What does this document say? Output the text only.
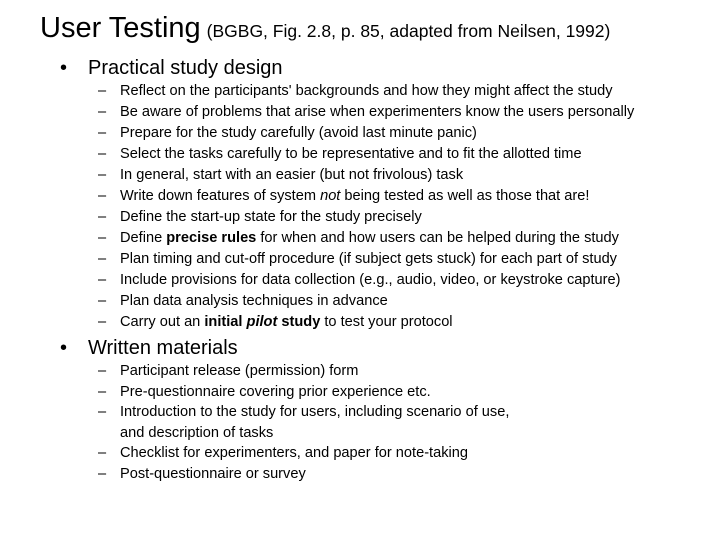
User Testing (BGBG, Fig. 2.8, p. 85, adapted from Neilsen, 1992)
• Practical study design
– Reflect on the participants' backgrounds and how they might affect the study
– Be aware of problems that arise when experimenters know the users personally
– Prepare for the study carefully (avoid last minute panic)
– Select the tasks carefully to be representative and to fit the allotted time
– In general, start with an easier (but not frivolous) task
– Write down features of system not being tested as well as those that are!
– Define the start-up state for the study precisely
– Define precise rules for when and how users can be helped during the study
– Plan timing and cut-off procedure (if subject gets stuck) for each part of study
– Include provisions for data collection (e.g., audio, video, or keystroke capture)
– Plan data analysis techniques in advance
– Carry out an initial pilot study to test your protocol
• Written materials
– Participant release (permission) form
– Pre-questionnaire covering prior experience etc.
– Introduction to the study for users, including scenario of use,
and description of tasks
– Checklist for experimenters, and paper for note-taking
– Post-questionnaire or survey
